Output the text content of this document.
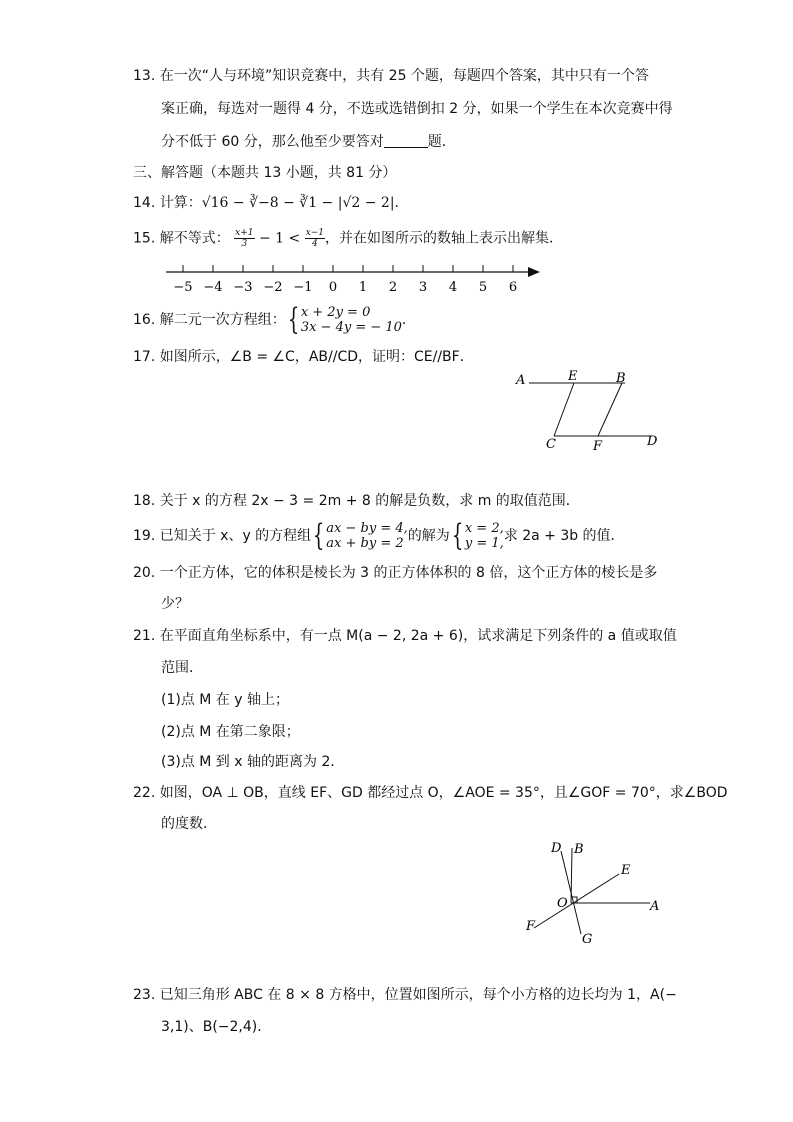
13. 在一次“人与环境”知识竞赛中，共有 25 个题，每题四个答案，其中只有一个答
案正确，每选对一题得 4 分，不选或选错倒扣 2 分，如果一个学生在本次竞赛中得
分不低于 60 分，那么他至少要答对	题．
三、解答题（本题共 13 小题，共 81 分）
14. 计算：√16 − ∛−8 − ∛1 − |√2 − 2|．
15. 解不等式： $\frac{x+1}{3} - 1 < \frac{x-1}{4}$ ，并在如图所示的数轴上表示出解集．
−5 −4 −3 −2 −1 0 1 2 3 4 5 6
16. 解二元一次方程组：{ x + 2y = 0
3x − 4y = − 10 ．
17. 如图所示，∠B = ∠C，AB//CD，证明：CE//BF．
A	E	B
C	F	D
18. 关于 x 的方程 2x − 3 = 2m + 8 的解是负数，求 m 的取值范围．
19. 已知关于 x、y 的方程组{ ax − by = 4,
ax + by = 2 的解为{ x = 2,
y = 1, 求 2a + 3b 的值．
20. 一个正方体，它的体积是棱长为 3 的正方体体积的 8 倍，这个正方体的棱长是多
少？
21. 在平面直角坐标系中，有一点 M(a − 2, 2a + 6)，试求满足下列条件的 a 值或取值
范围．
(1)点 M 在 y 轴上；
(2)点 M 在第二象限；
(3)点 M 到 x 轴的距离为 2．
22. 如图，OA ⊥ OB，直线 EF、GD 都经过点 O，∠AOE = 35°，且∠GOF = 70°，求∠BOD
的度数．
D B
E
O	A
F
G
23. 已知三角形 ABC 在 8 × 8 方格中，位置如图所示，每个小方格的边长均为 1，A(−
3,1)、B(−2,4)．
